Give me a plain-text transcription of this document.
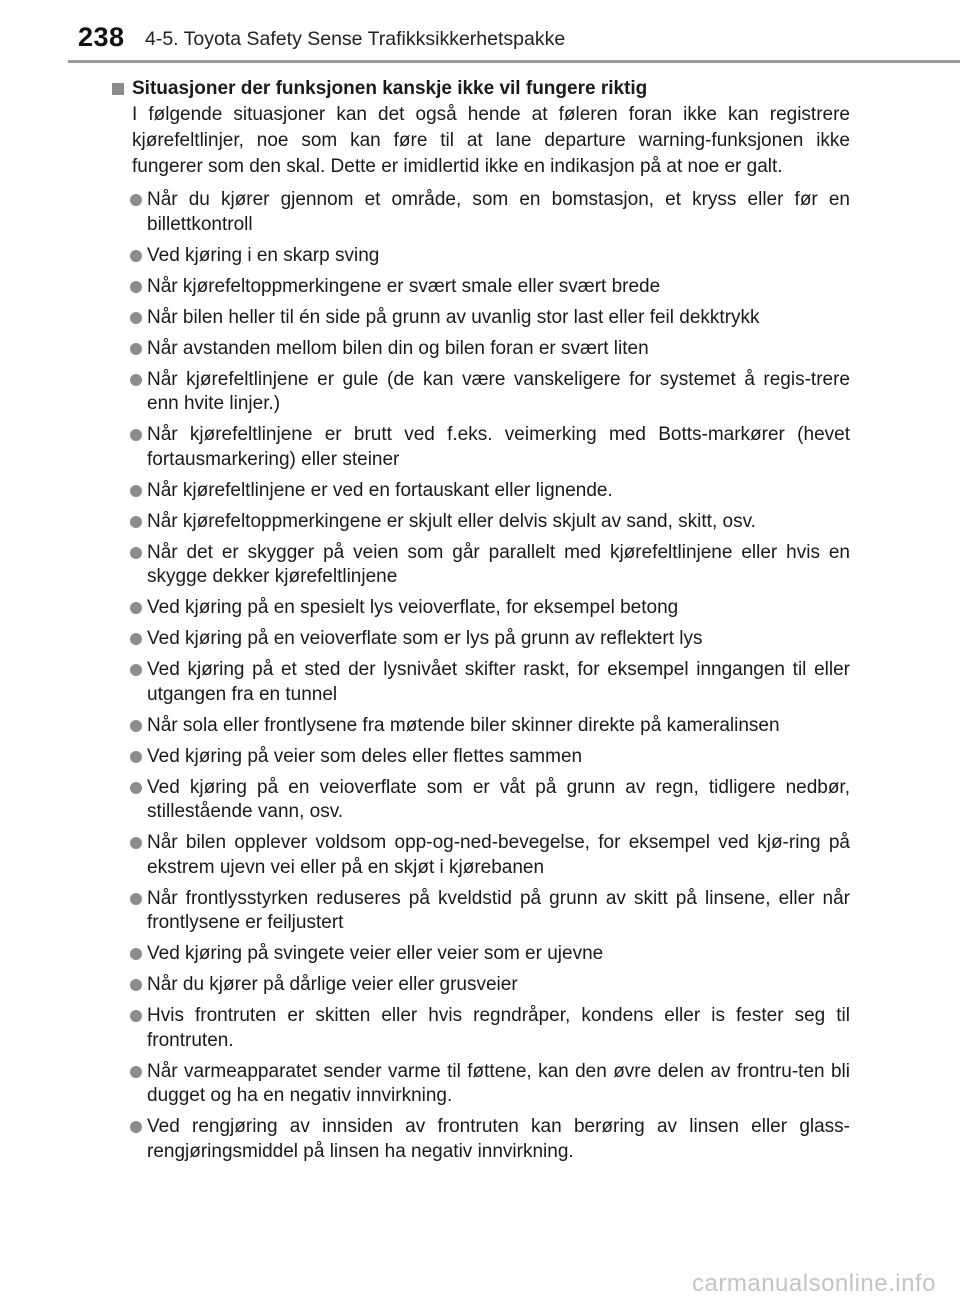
238 4-5. Toyota Safety Sense Trafikksikkerhetspakke
Situasjoner der funksjonen kanskje ikke vil fungere riktig

I følgende situasjoner kan det også hende at føleren foran ikke kan registrere kjørefeltlinjer, noe som kan føre til at lane departure warning-funksjonen ikke fungerer som den skal. Dette er imidlertid ikke en indikasjon på at noe er galt.

Når du kjører gjennom et område, som en bomstasjon, et kryss eller før en billettkontroll
Ved kjøring i en skarp sving
Når kjørefeltoppmerkingene er svært smale eller svært brede
Når bilen heller til én side på grunn av uvanlig stor last eller feil dekktrykk
Når avstanden mellom bilen din og bilen foran er svært liten
Når kjørefeltlinjene er gule (de kan være vanskeligere for systemet å regis-trere enn hvite linjer.)
Når kjørefeltlinjene er brutt ved f.eks. veimerking med Botts-markører (hevet fortausmarkering) eller steiner
Når kjørefeltlinjene er ved en fortauskant eller lignende.
Når kjørefeltoppmerkingene er skjult eller delvis skjult av sand, skitt, osv.
Når det er skygger på veien som går parallelt med kjørefeltlinjene eller hvis en skygge dekker kjørefeltlinjene
Ved kjøring på en spesielt lys veioverflate, for eksempel betong
Ved kjøring på en veioverflate som er lys på grunn av reflektert lys
Ved kjøring på et sted der lysnivået skifter raskt, for eksempel inngangen til eller utgangen fra en tunnel
Når sola eller frontlysene fra møtende biler skinner direkte på kameralinsen
Ved kjøring på veier som deles eller flettes sammen
Ved kjøring på en veioverflate som er våt på grunn av regn, tidligere nedbør, stillestående vann, osv.
Når bilen opplever voldsom opp-og-ned-bevegelse, for eksempel ved kjø-ring på ekstrem ujevn vei eller på en skjøt i kjørebanen
Når frontlysstyrken reduseres på kveldstid på grunn av skitt på linsene, eller når frontlysene er feiljustert
Ved kjøring på svingete veier eller veier som er ujevne
Når du kjører på dårlige veier eller grusveier
Hvis frontruten er skitten eller hvis regndråper, kondens eller is fester seg til frontruten.
Når varmeapparatet sender varme til føttene, kan den øvre delen av frontru-ten bli dugget og ha en negativ innvirkning.
Ved rengjøring av innsiden av frontruten kan berøring av linsen eller glass-rengjøringsmiddel på linsen ha negativ innvirkning.
carmanualsonline.info
